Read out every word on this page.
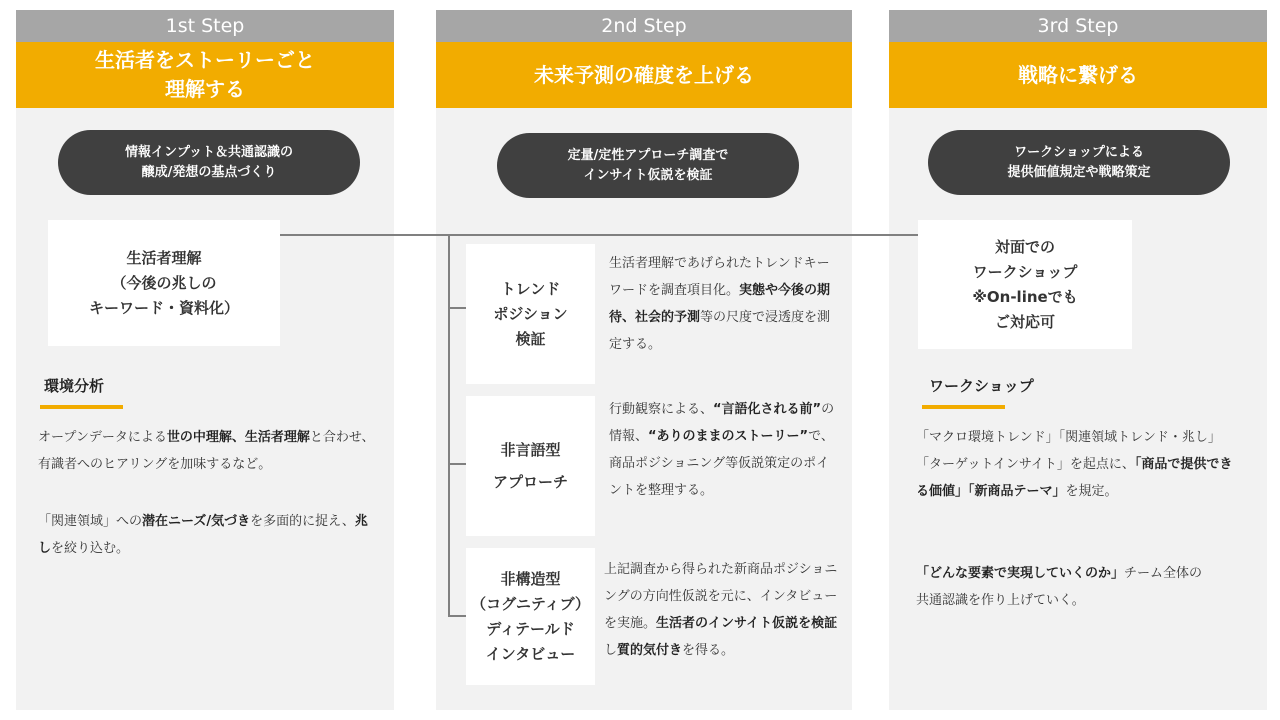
1st Step
生活者をストーリーごと
理解する
情報インプット＆共通認識の
醸成/発想の基点づくり
生活者理解
（今後の兆しの
キーワード・資料化）
環境分析
オープンデータによる世の中理解、生活者理解と合わせ、有識者へのヒアリングを加味するなど。
「関連領域」への潜在ニーズ/気づきを多面的に捉え、兆しを絞り込む。
2nd Step
未来予測の確度を上げる
定量/定性アプローチ調査で
インサイト仮説を検証
トレンド
ポジション
検証
生活者理解であげられたトレンドキーワードを調査項目化。実態や今後の期待、社会的予測等の尺度で浸透度を測定する。
非言語型
アプローチ
行動観察による、“言語化される前”の情報、“ありのままのストーリー”で、商品ポジショニング等仮説策定のポイントを整理する。
非構造型
（コグニティブ）
ディテールド
インタビュー
上記調査から得られた新商品ポジショニングの方向性仮説を元に、インタビューを実施。生活者のインサイト仮説を検証し質的気付きを得る。
3rd Step
戦略に繋げる
ワークショップによる
提供価値規定や戦略策定
対面での
ワークショップ
※On-lineでも
ご対応可
ワークショップ
「マクロ環境トレンド」「関連領域トレンド・兆し」「ターゲットインサイト」を起点に、「商品で提供できる価値」「新商品テーマ」を規定。
「どんな要素で実現していくのか」チーム全体の
共通認識を作り上げていく。
